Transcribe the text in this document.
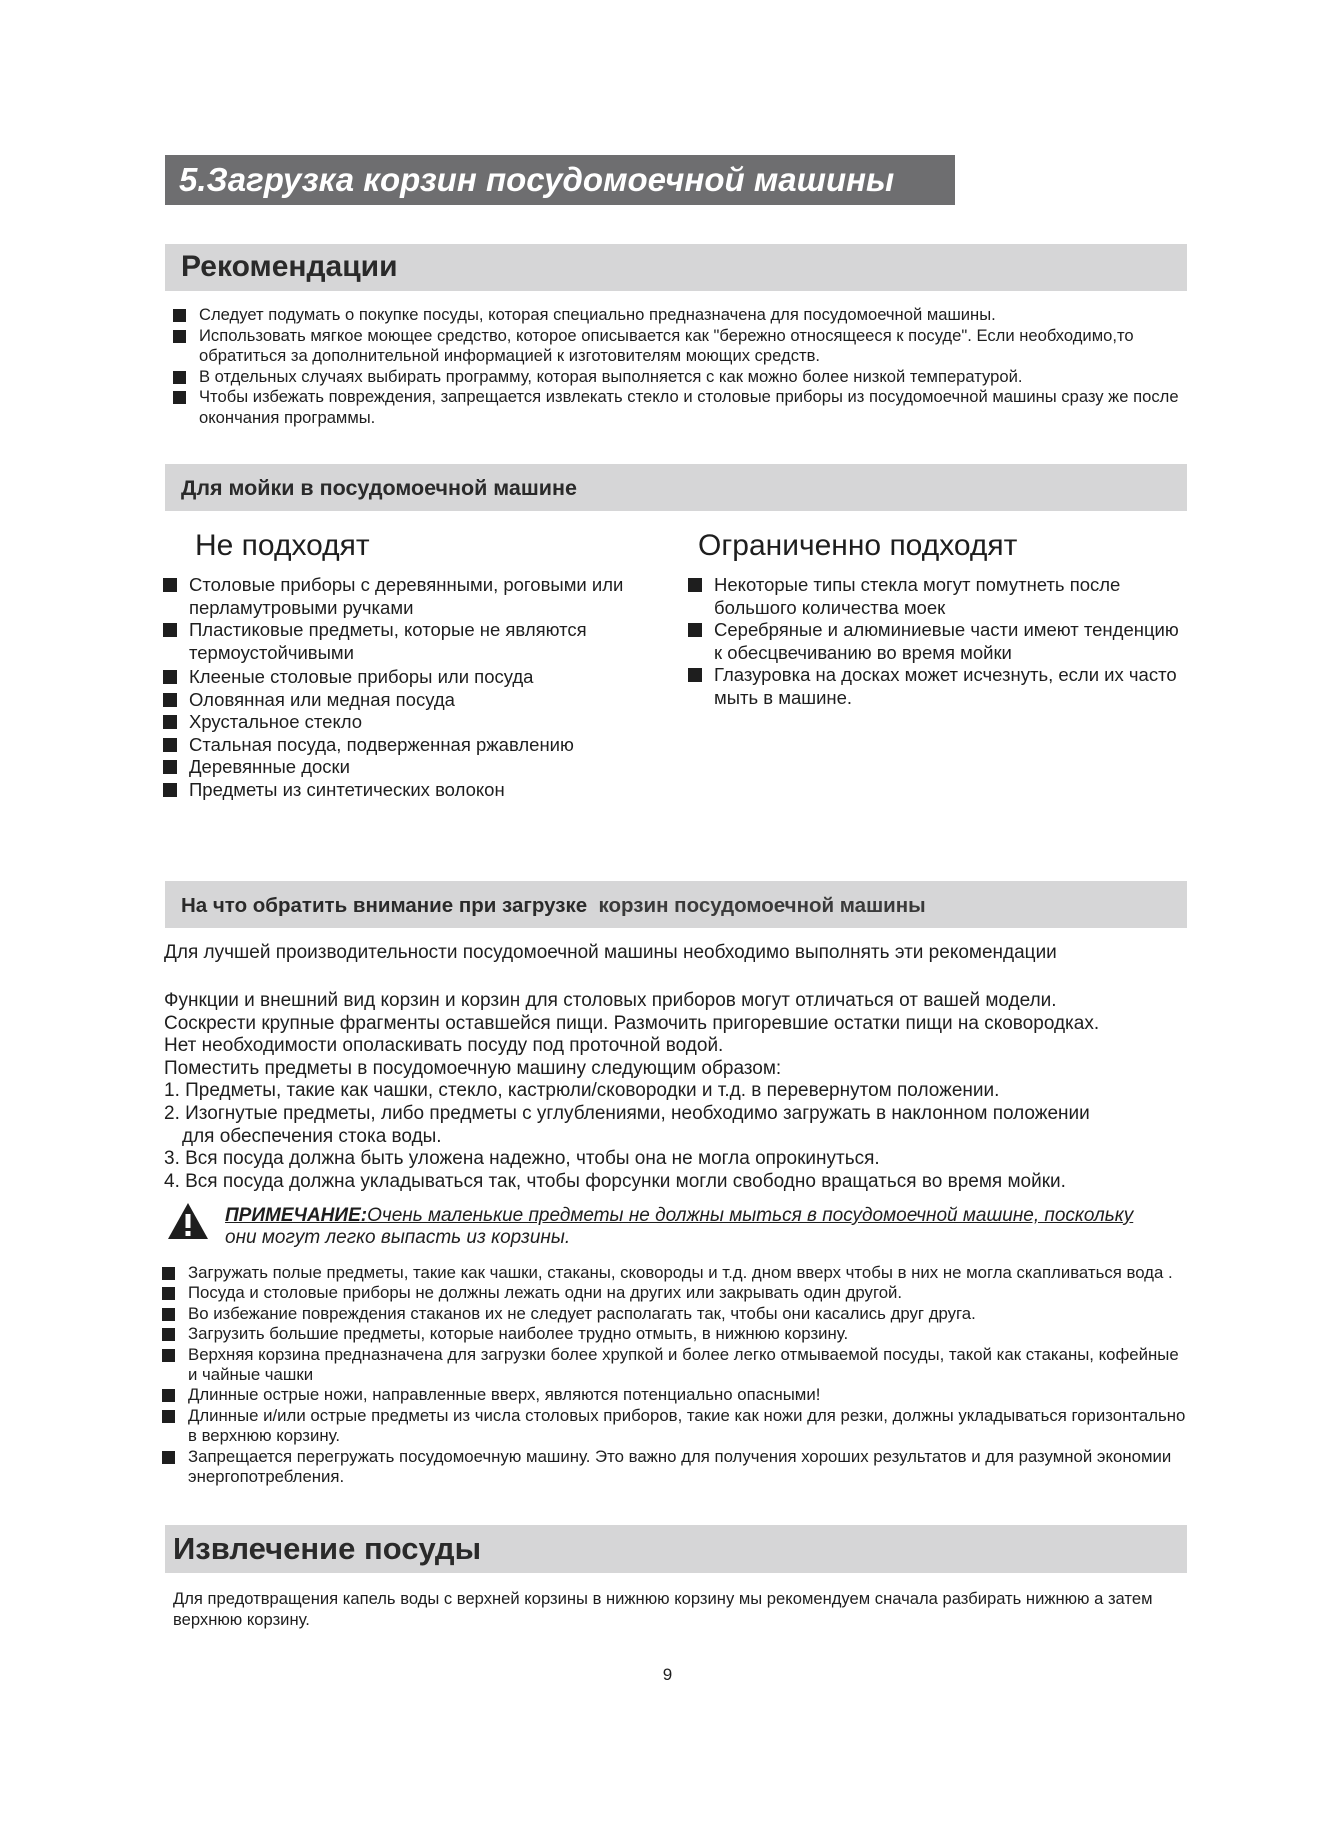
5.Загрузка корзин посудомоечной машины
Рекомендации
Следует подумать о покупке посуды, которая специально предназначена для посудомоечной машины.
Использовать мягкое моющее средство, которое описывается как "бережно относящееся к посуде". Если необходимо,то обратиться за дополнительной информацией к изготовителям моющих средств.
В отдельных случаях выбирать программу, которая выполняется с как можно более низкой температурой.
Чтобы избежать повреждения, запрещается извлекать стекло и столовые приборы из посудомоечной машины сразу же после окончания программы.
Для мойки в посудомоечной машине
Не подходят	Ограниченно подходят
Столовые приборы с деревянными, роговыми или перламутровыми ручками
Пластиковые предметы, которые не являются термоустойчивыми
Клееные столовые приборы или посуда
Оловянная или медная посуда
Хрустальное стекло
Стальная посуда, подверженная ржавлению
Деревянные доски
Предметы из синтетических волокон
Некоторые типы стекла могут помутнеть после большого количества моек
Серебряные и алюминиевые части имеют тенденцию к обесцвечиванию во время мойки
Глазуровка на досках может исчезнуть, если их часто мыть в машине.
На что обратить внимание при загрузке корзин посудомоечной машины

Для лучшей производительности посудомоечной машины необходимо выполнять эти рекомендации

Функции и внешний вид корзин и корзин для столовых приборов могут отличаться от вашей модели.

Соскрести крупные фрагменты оставшейся пищи. Размочить пригоревшие остатки пищи на сковородках.

Нет необходимости ополаскивать посуду под проточной водой.

Поместить предметы в посудомоечную машину следующим образом:

1. Предметы, такие как чашки, стекло, кастрюли/сковородки и т.д. в перевернутом положении.

2. Изогнутые предметы, либо предметы с углублениями, необходимо загружать в наклонном положении

для обеспечения стока воды.

3. Вся посуда должна быть уложена надежно, чтобы она не могла опрокинуться.

4. Вся посуда должна укладываться так, чтобы форсунки могли свободно вращаться во время мойки.

ПРИМЕЧАНИЕ:Очень маленькие предметы не должны мыться в посудомоечной машине, поскольку
они могут легко выпасть из корзины.
Загружать полые предметы, такие как чашки, стаканы, сковороды и т.д. дном вверх чтобы в них не могла скапливаться вода .
Посуда и столовые приборы не должны лежать одни на других или закрывать один другой.
Во избежание повреждения стаканов их не следует располагать так, чтобы они касались друг друга.
Загрузить большие предметы, которые наиболее трудно отмыть, в нижнюю корзину.
Верхняя корзина предназначена для загрузки более хрупкой и более легко отмываемой посуды, такой как стаканы, кофейные и чайные чашки
Длинные острые ножи, направленные вверх, являются потенциально опасными!
Длинные и/или острые предметы из числа столовых приборов, такие как ножи для резки, должны укладываться горизонтально в верхнюю корзину.
Запрещается перегружать посудомоечную машину. Это важно для получения хороших результатов и для разумной экономии энергопотребления.
Извлечение посуды
Для предотвращения капель воды с верхней корзины в нижнюю корзину мы рекомендуем сначала разбирать нижнюю а затем верхнюю корзину.
9
